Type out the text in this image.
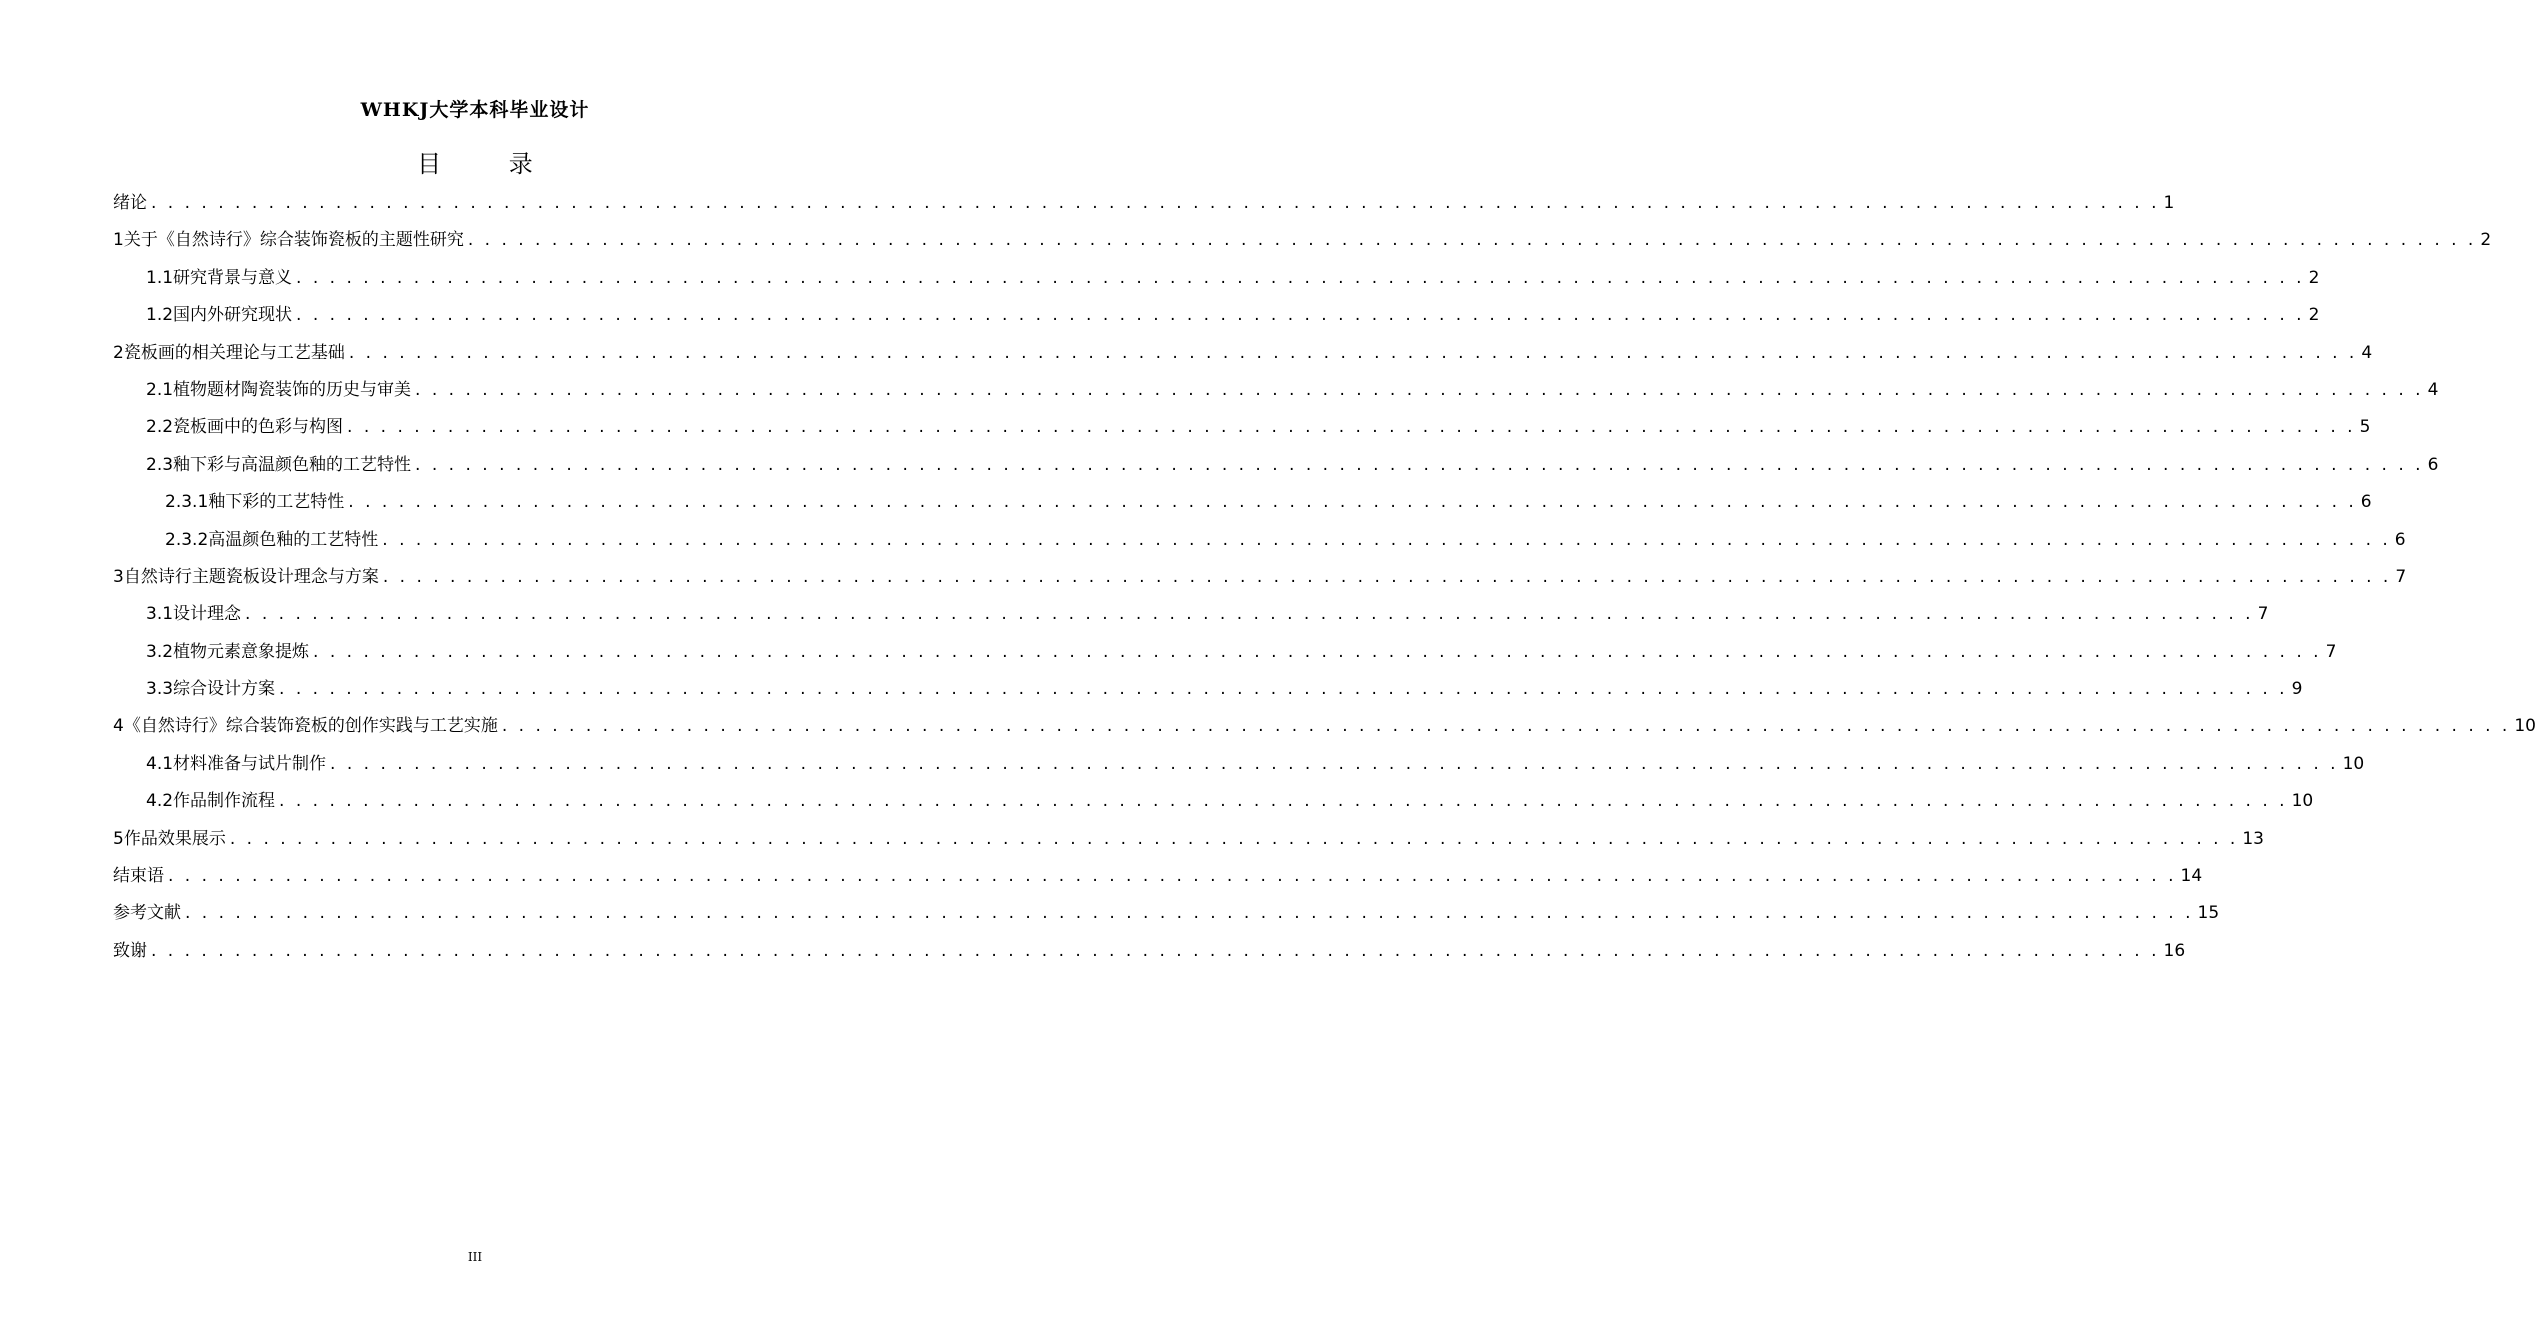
WHKJ大学本科毕业设计
目 录
绪论 . . . . . . . . . . . . . . . . . . . . . . . . . . . . . . . . . . . . . . . . . . . . . . . . . . . . . . . . . . . . . . . . . . . . . . . . . . . . . . . . . . . . . . . . . . . . . . . . . . . . . . . . . . . . . . . . . . . . . . . . 1
1 关于《自然诗行》综合装饰瓷板的主题性研究 . . . . . . . . . . . . . . . . . . . . . . . . . . . . . . . . . . . . . . . . . . . . . . . . . . . . . . . . . . . . . . . . . . . . . . . . . . . . . . . . . . . . . . . . . . . . . . . . . . . . . . . . . . . . . . . . . . . . . . . . 2
1.1 研究背景与意义 . . . . . . . . . . . . . . . . . . . . . . . . . . . . . . . . . . . . . . . . . . . . . . . . . . . . . . . . . . . . . . . . . . . . . . . . . . . . . . . . . . . . . . . . . . . . . . . . . . . . . . . . . . . . . . . . . . . . . . . . 2
1.2 国内外研究现状 . . . . . . . . . . . . . . . . . . . . . . . . . . . . . . . . . . . . . . . . . . . . . . . . . . . . . . . . . . . . . . . . . . . . . . . . . . . . . . . . . . . . . . . . . . . . . . . . . . . . . . . . . . . . . . . . . . . . . . . . 2
2 瓷板画的相关理论与工艺基础 . . . . . . . . . . . . . . . . . . . . . . . . . . . . . . . . . . . . . . . . . . . . . . . . . . . . . . . . . . . . . . . . . . . . . . . . . . . . . . . . . . . . . . . . . . . . . . . . . . . . . . . . . . . . . . . . . . . . . . . . 4
2.1 植物题材陶瓷装饰的历史与审美 . . . . . . . . . . . . . . . . . . . . . . . . . . . . . . . . . . . . . . . . . . . . . . . . . . . . . . . . . . . . . . . . . . . . . . . . . . . . . . . . . . . . . . . . . . . . . . . . . . . . . . . . . . . . . . . . . . . . . . . . 4
2.2 瓷板画中的色彩与构图 . . . . . . . . . . . . . . . . . . . . . . . . . . . . . . . . . . . . . . . . . . . . . . . . . . . . . . . . . . . . . . . . . . . . . . . . . . . . . . . . . . . . . . . . . . . . . . . . . . . . . . . . . . . . . . . . . . . . . . . . 5
2.3 釉下彩与高温颜色釉的工艺特性 . . . . . . . . . . . . . . . . . . . . . . . . . . . . . . . . . . . . . . . . . . . . . . . . . . . . . . . . . . . . . . . . . . . . . . . . . . . . . . . . . . . . . . . . . . . . . . . . . . . . . . . . . . . . . . . . . . . . . . . . 6
2.3.1 釉下彩的工艺特性 . . . . . . . . . . . . . . . . . . . . . . . . . . . . . . . . . . . . . . . . . . . . . . . . . . . . . . . . . . . . . . . . . . . . . . . . . . . . . . . . . . . . . . . . . . . . . . . . . . . . . . . . . . . . . . . . . . . . . . . . 6
2.3.2 高温颜色釉的工艺特性 . . . . . . . . . . . . . . . . . . . . . . . . . . . . . . . . . . . . . . . . . . . . . . . . . . . . . . . . . . . . . . . . . . . . . . . . . . . . . . . . . . . . . . . . . . . . . . . . . . . . . . . . . . . . . . . . . . . . . . . . 6
3 自然诗行主题瓷板设计理念与方案 . . . . . . . . . . . . . . . . . . . . . . . . . . . . . . . . . . . . . . . . . . . . . . . . . . . . . . . . . . . . . . . . . . . . . . . . . . . . . . . . . . . . . . . . . . . . . . . . . . . . . . . . . . . . . . . . . . . . . . . . 7
3.1 设计理念 . . . . . . . . . . . . . . . . . . . . . . . . . . . . . . . . . . . . . . . . . . . . . . . . . . . . . . . . . . . . . . . . . . . . . . . . . . . . . . . . . . . . . . . . . . . . . . . . . . . . . . . . . . . . . . . . . . . . . . . . 7
3.2 植物元素意象提炼 . . . . . . . . . . . . . . . . . . . . . . . . . . . . . . . . . . . . . . . . . . . . . . . . . . . . . . . . . . . . . . . . . . . . . . . . . . . . . . . . . . . . . . . . . . . . . . . . . . . . . . . . . . . . . . . . . . . . . . . . 7
3.3 综合设计方案 . . . . . . . . . . . . . . . . . . . . . . . . . . . . . . . . . . . . . . . . . . . . . . . . . . . . . . . . . . . . . . . . . . . . . . . . . . . . . . . . . . . . . . . . . . . . . . . . . . . . . . . . . . . . . . . . . . . . . . . . 9
4 《自然诗行》综合装饰瓷板的创作实践与工艺实施 . . . . . . . . . . . . . . . . . . . . . . . . . . . . . . . . . . . . . . . . . . . . . . . . . . . . . . . . . . . . . . . . . . . . . . . . . . . . . . . . . . . . . . . . . . . . . . . . . . . . . . . . . . . . . . . . . . . . . . . . 10
4.1 材料准备与试片制作 . . . . . . . . . . . . . . . . . . . . . . . . . . . . . . . . . . . . . . . . . . . . . . . . . . . . . . . . . . . . . . . . . . . . . . . . . . . . . . . . . . . . . . . . . . . . . . . . . . . . . . . . . . . . . . . . . . . . . . . . 10
4.2 作品制作流程 . . . . . . . . . . . . . . . . . . . . . . . . . . . . . . . . . . . . . . . . . . . . . . . . . . . . . . . . . . . . . . . . . . . . . . . . . . . . . . . . . . . . . . . . . . . . . . . . . . . . . . . . . . . . . . . . . . . . . . . . 10
5 作品效果展示 . . . . . . . . . . . . . . . . . . . . . . . . . . . . . . . . . . . . . . . . . . . . . . . . . . . . . . . . . . . . . . . . . . . . . . . . . . . . . . . . . . . . . . . . . . . . . . . . . . . . . . . . . . . . . . . . . . . . . . . . 13
结束语 . . . . . . . . . . . . . . . . . . . . . . . . . . . . . . . . . . . . . . . . . . . . . . . . . . . . . . . . . . . . . . . . . . . . . . . . . . . . . . . . . . . . . . . . . . . . . . . . . . . . . . . . . . . . . . . . . . . . . . . . 14
参考文献 . . . . . . . . . . . . . . . . . . . . . . . . . . . . . . . . . . . . . . . . . . . . . . . . . . . . . . . . . . . . . . . . . . . . . . . . . . . . . . . . . . . . . . . . . . . . . . . . . . . . . . . . . . . . . . . . . . . . . . . . 15
致谢 . . . . . . . . . . . . . . . . . . . . . . . . . . . . . . . . . . . . . . . . . . . . . . . . . . . . . . . . . . . . . . . . . . . . . . . . . . . . . . . . . . . . . . . . . . . . . . . . . . . . . . . . . . . . . . . . . . . . . . . . 16
III
